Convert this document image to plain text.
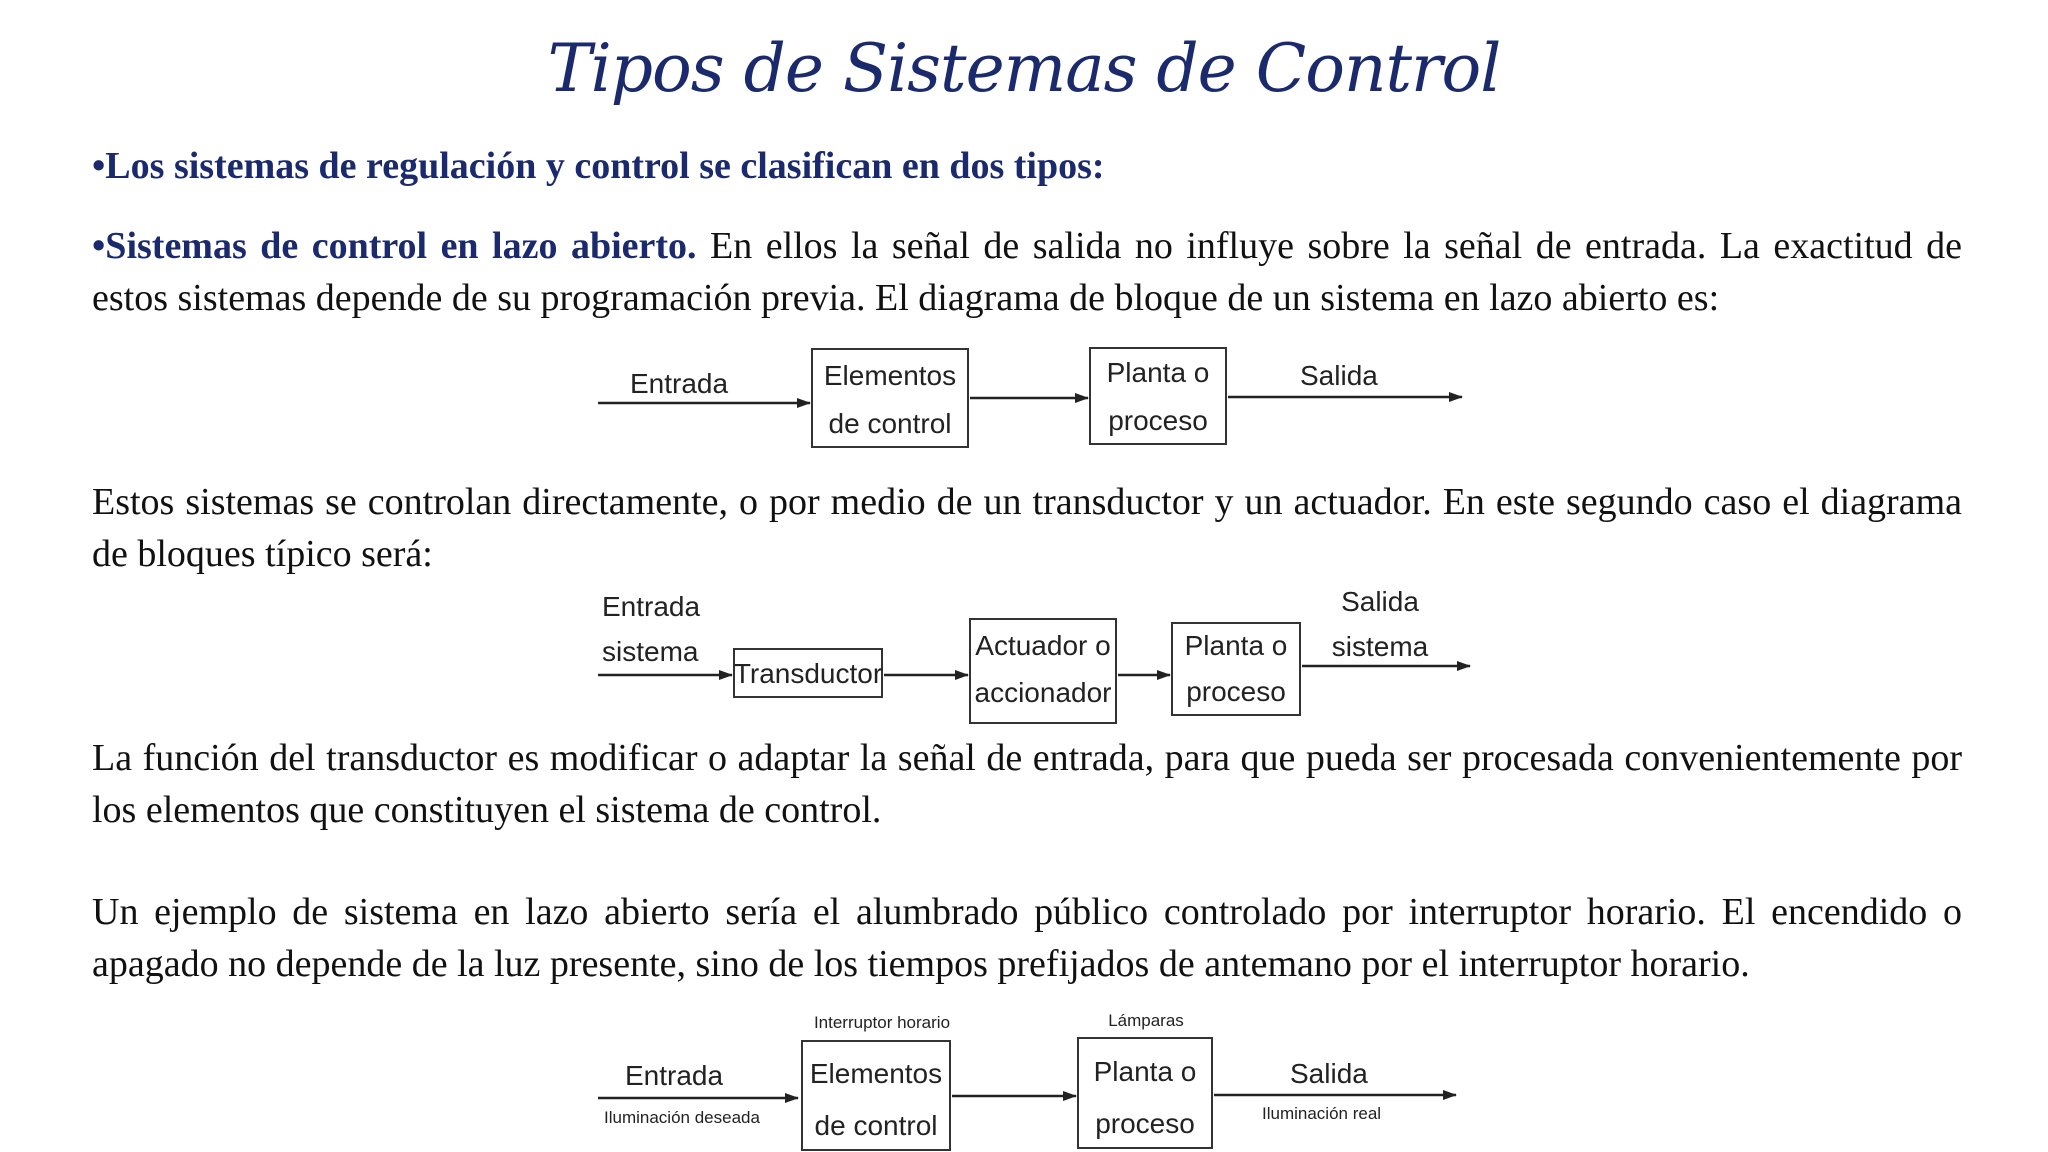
Tipos de Sistemas de Control

•Los sistemas de regulación y control se clasifican en dos tipos:

•Sistemas de control en lazo abierto. En ellos la señal de salida no influye sobre la señal de entrada. La exactitud de estos sistemas depende de su programación previa. El diagrama de bloque de un sistema en lazo abierto es:

Entrada	Elementos
de control
Planta o
proceso
Salida

Estos sistemas se controlan directamente, o por medio de un transductor y un actuador. En este segundo caso el diagrama de bloques típico será:

Entrada
sistema
Transductor
Actuador o
accionador
Planta o
proceso
Salida
sistema

La función del transductor es modificar o adaptar la señal de entrada, para que pueda ser procesada convenientemente por los elementos que constituyen el sistema de control.

Un ejemplo de sistema en lazo abierto sería el alumbrado público controlado por interruptor horario. El encendido o apagado no depende de la luz presente, sino de los tiempos prefijados de antemano por el interruptor horario.

Entrada
Iluminación deseada
Interruptor horario
Elementos
de control
Lámparas
Planta o
proceso
Salida
Iluminación real
